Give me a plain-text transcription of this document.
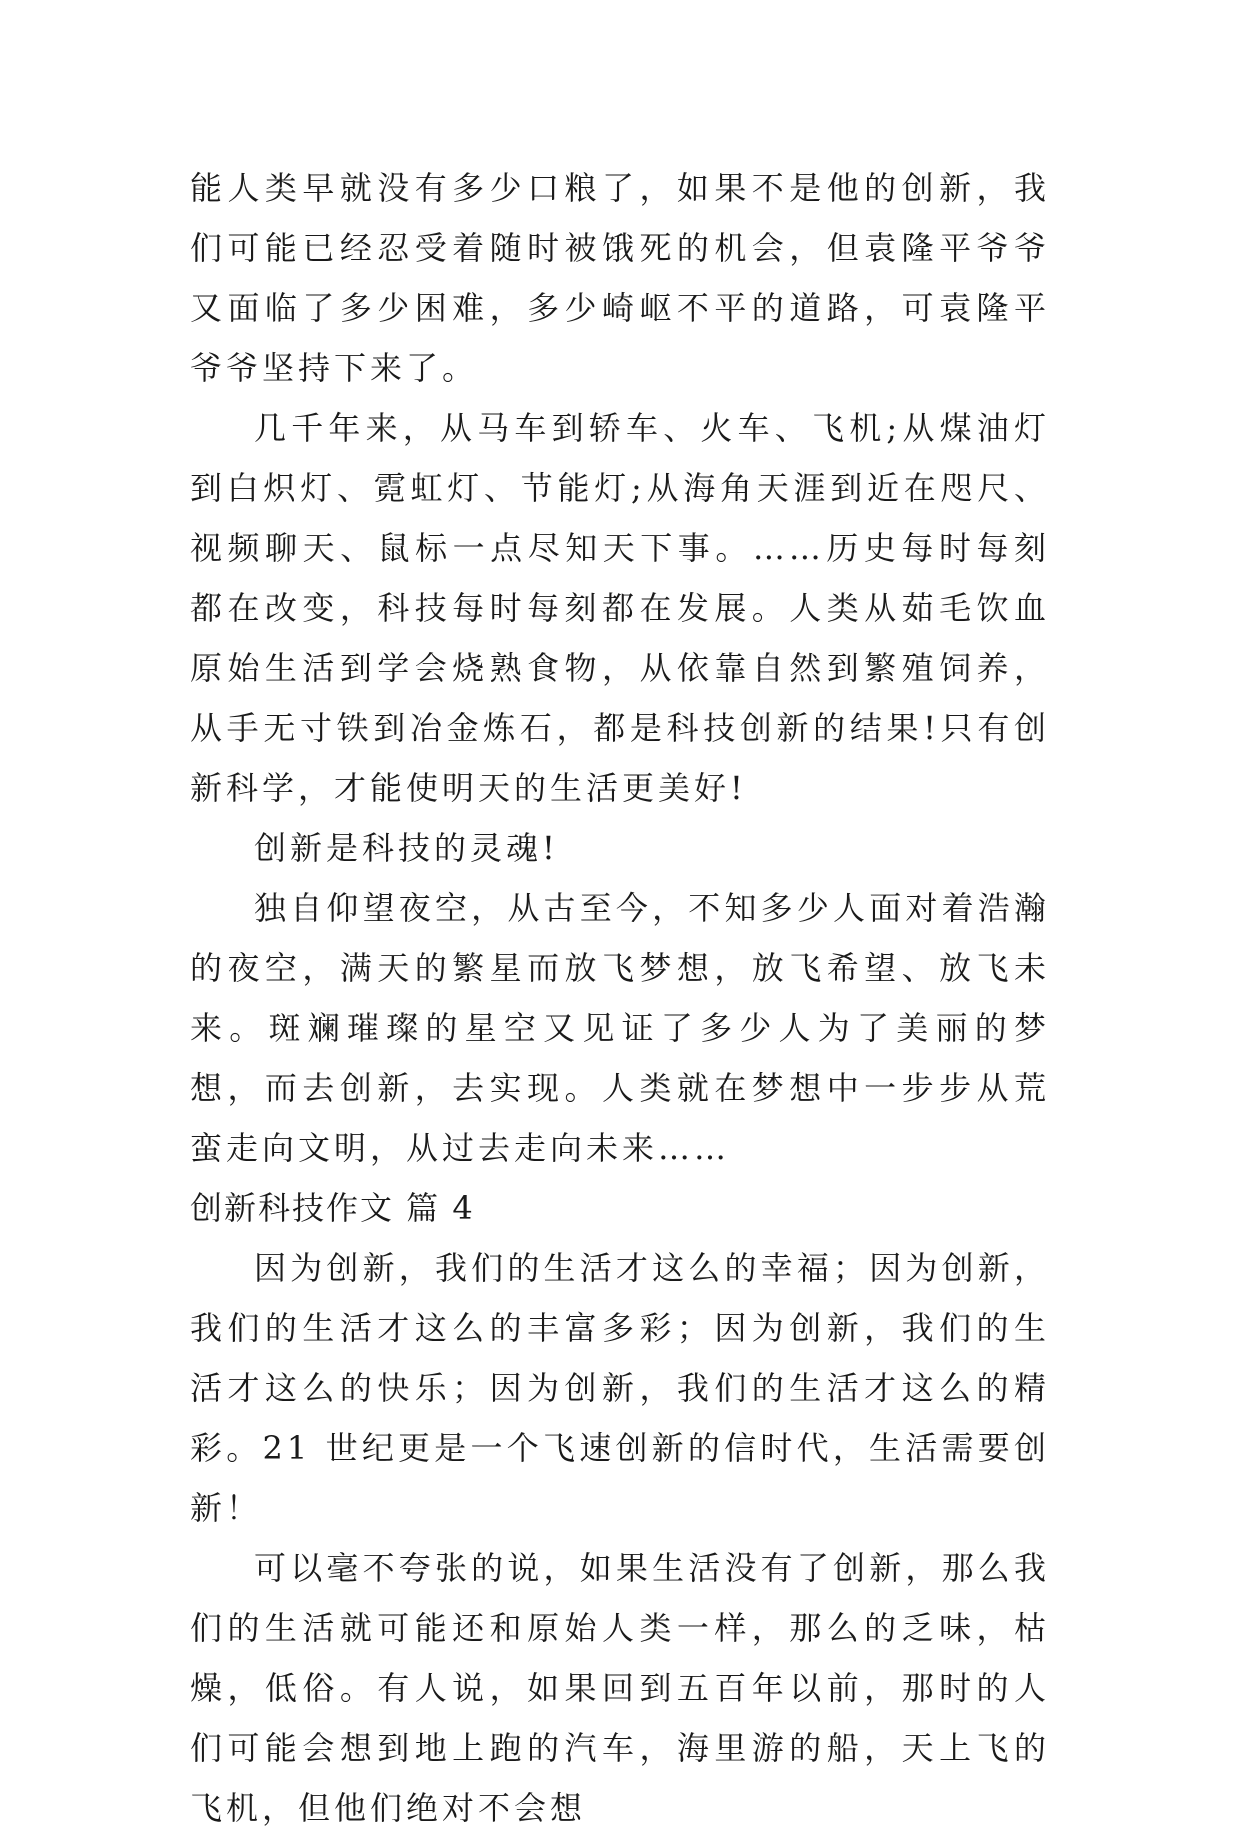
能人类早就没有多少口粮了，如果不是他的创新，我们可能已经忍受着随时被饿死的机会，但袁隆平爷爷又面临了多少困难，多少崎岖不平的道路，可袁隆平爷爷坚持下来了。

几千年来，从马车到轿车、火车、飞机;从煤油灯到白炽灯、霓虹灯、节能灯;从海角天涯到近在咫尺、视频聊天、鼠标一点尽知天下事。……历史每时每刻都在改变，科技每时每刻都在发展。人类从茹毛饮血原始生活到学会烧熟食物，从依靠自然到繁殖饲养，从手无寸铁到冶金炼石，都是科技创新的结果!只有创新科学，才能使明天的生活更美好!

创新是科技的灵魂!

独自仰望夜空，从古至今，不知多少人面对着浩瀚的夜空，满天的繁星而放飞梦想，放飞希望、放飞未来。斑斓璀璨的星空又见证了多少人为了美丽的梦想，而去创新，去实现。人类就在梦想中一步步从荒蛮走向文明，从过去走向未来……

创新科技作文 篇 4

因为创新，我们的生活才这么的幸福；因为创新，我们的生活才这么的丰富多彩；因为创新，我们的生活才这么的快乐；因为创新，我们的生活才这么的精彩。21 世纪更是一个飞速创新的信时代，生活需要创新！

可以毫不夸张的说，如果生活没有了创新，那么我们的生活就可能还和原始人类一样，那么的乏味，枯燥，低俗。有人说，如果回到五百年以前，那时的人们可能会想到地上跑的汽车，海里游的船，天上飞的飞机，但他们绝对不会想
